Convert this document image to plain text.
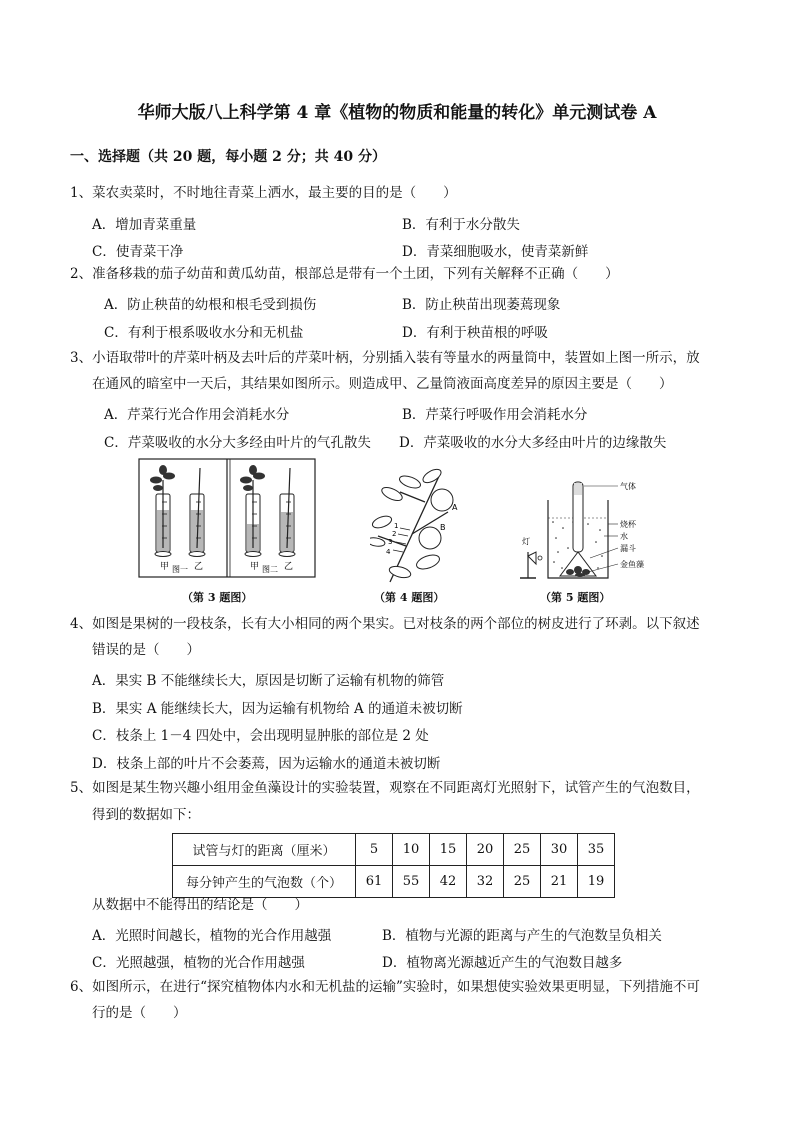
华师大版八上科学第 4 章《植物的物质和能量的转化》单元测试卷 A
一、选择题（共 20 题，每小题 2 分；共 40 分）
1、菜农卖菜时，不时地往青菜上洒水，最主要的目的是（　　）
A．增加青菜重量	B．有利于水分散失
C．使青菜干净	D．青菜细胞吸水，使青菜新鲜
2、准备移栽的茄子幼苗和黄瓜幼苗，根部总是带有一个土团，下列有关解释不正确（　　）
A．防止秧苗的幼根和根毛受到损伤	B．防止秧苗出现萎蔫现象
C．有利于根系吸收水分和无机盐	D．有利于秧苗根的呼吸
3、小语取带叶的芹菜叶柄及去叶后的芹菜叶柄，分别插入装有等量水的两量筒中，装置如上图一所示，放
在通风的暗室中一天后，其结果如图所示。则造成甲、乙量筒液面高度差异的原因主要是（　　）
A．芹菜行光合作用会消耗水分	B．芹菜行呼吸作用会消耗水分
C．芹菜吸收的水分大多经由叶片的气孔散失 D．芹菜吸收的水分大多经由叶片的边缘散失
甲	乙
图一	甲	乙
图二
（第 3 题图）
A
B
1
2
3
4
（第 4 题图）
气体
烧杯
水
漏斗
金鱼藻
灯
（第 5 题图）
4、如图是果树的一段枝条，长有大小相同的两个果实。已对枝条的两个部位的树皮进行了环剥。以下叙述
错误的是（　　）
A．果实 B 不能继续长大，原因是切断了运输有机物的筛管
B．果实 A 能继续长大，因为运输有机物给 A 的通道未被切断
C．枝条上 1－4 四处中，会出现明显肿胀的部位是 2 处
D．枝条上部的叶片不会萎蔫，因为运输水的通道未被切断
5、如图是某生物兴趣小组用金鱼藻设计的实验装置，观察在不同距离灯光照射下，试管产生的气泡数目，
得到的数据如下：
试管与灯的距离（厘米）	5	10	15	20	25	30	35
每分钟产生的气泡数（个）	61	55	42	32	25	21	19
从数据中不能得出的结论是（　　）
A．光照时间越长，植物的光合作用越强	B．植物与光源的距离与产生的气泡数呈负相关
C．光照越强，植物的光合作用越强	D．植物离光源越近产生的气泡数目越多
6、如图所示，在进行“探究植物体内水和无机盐的运输”实验时，如果想使实验效果更明显，下列措施不可
行的是（　　）
